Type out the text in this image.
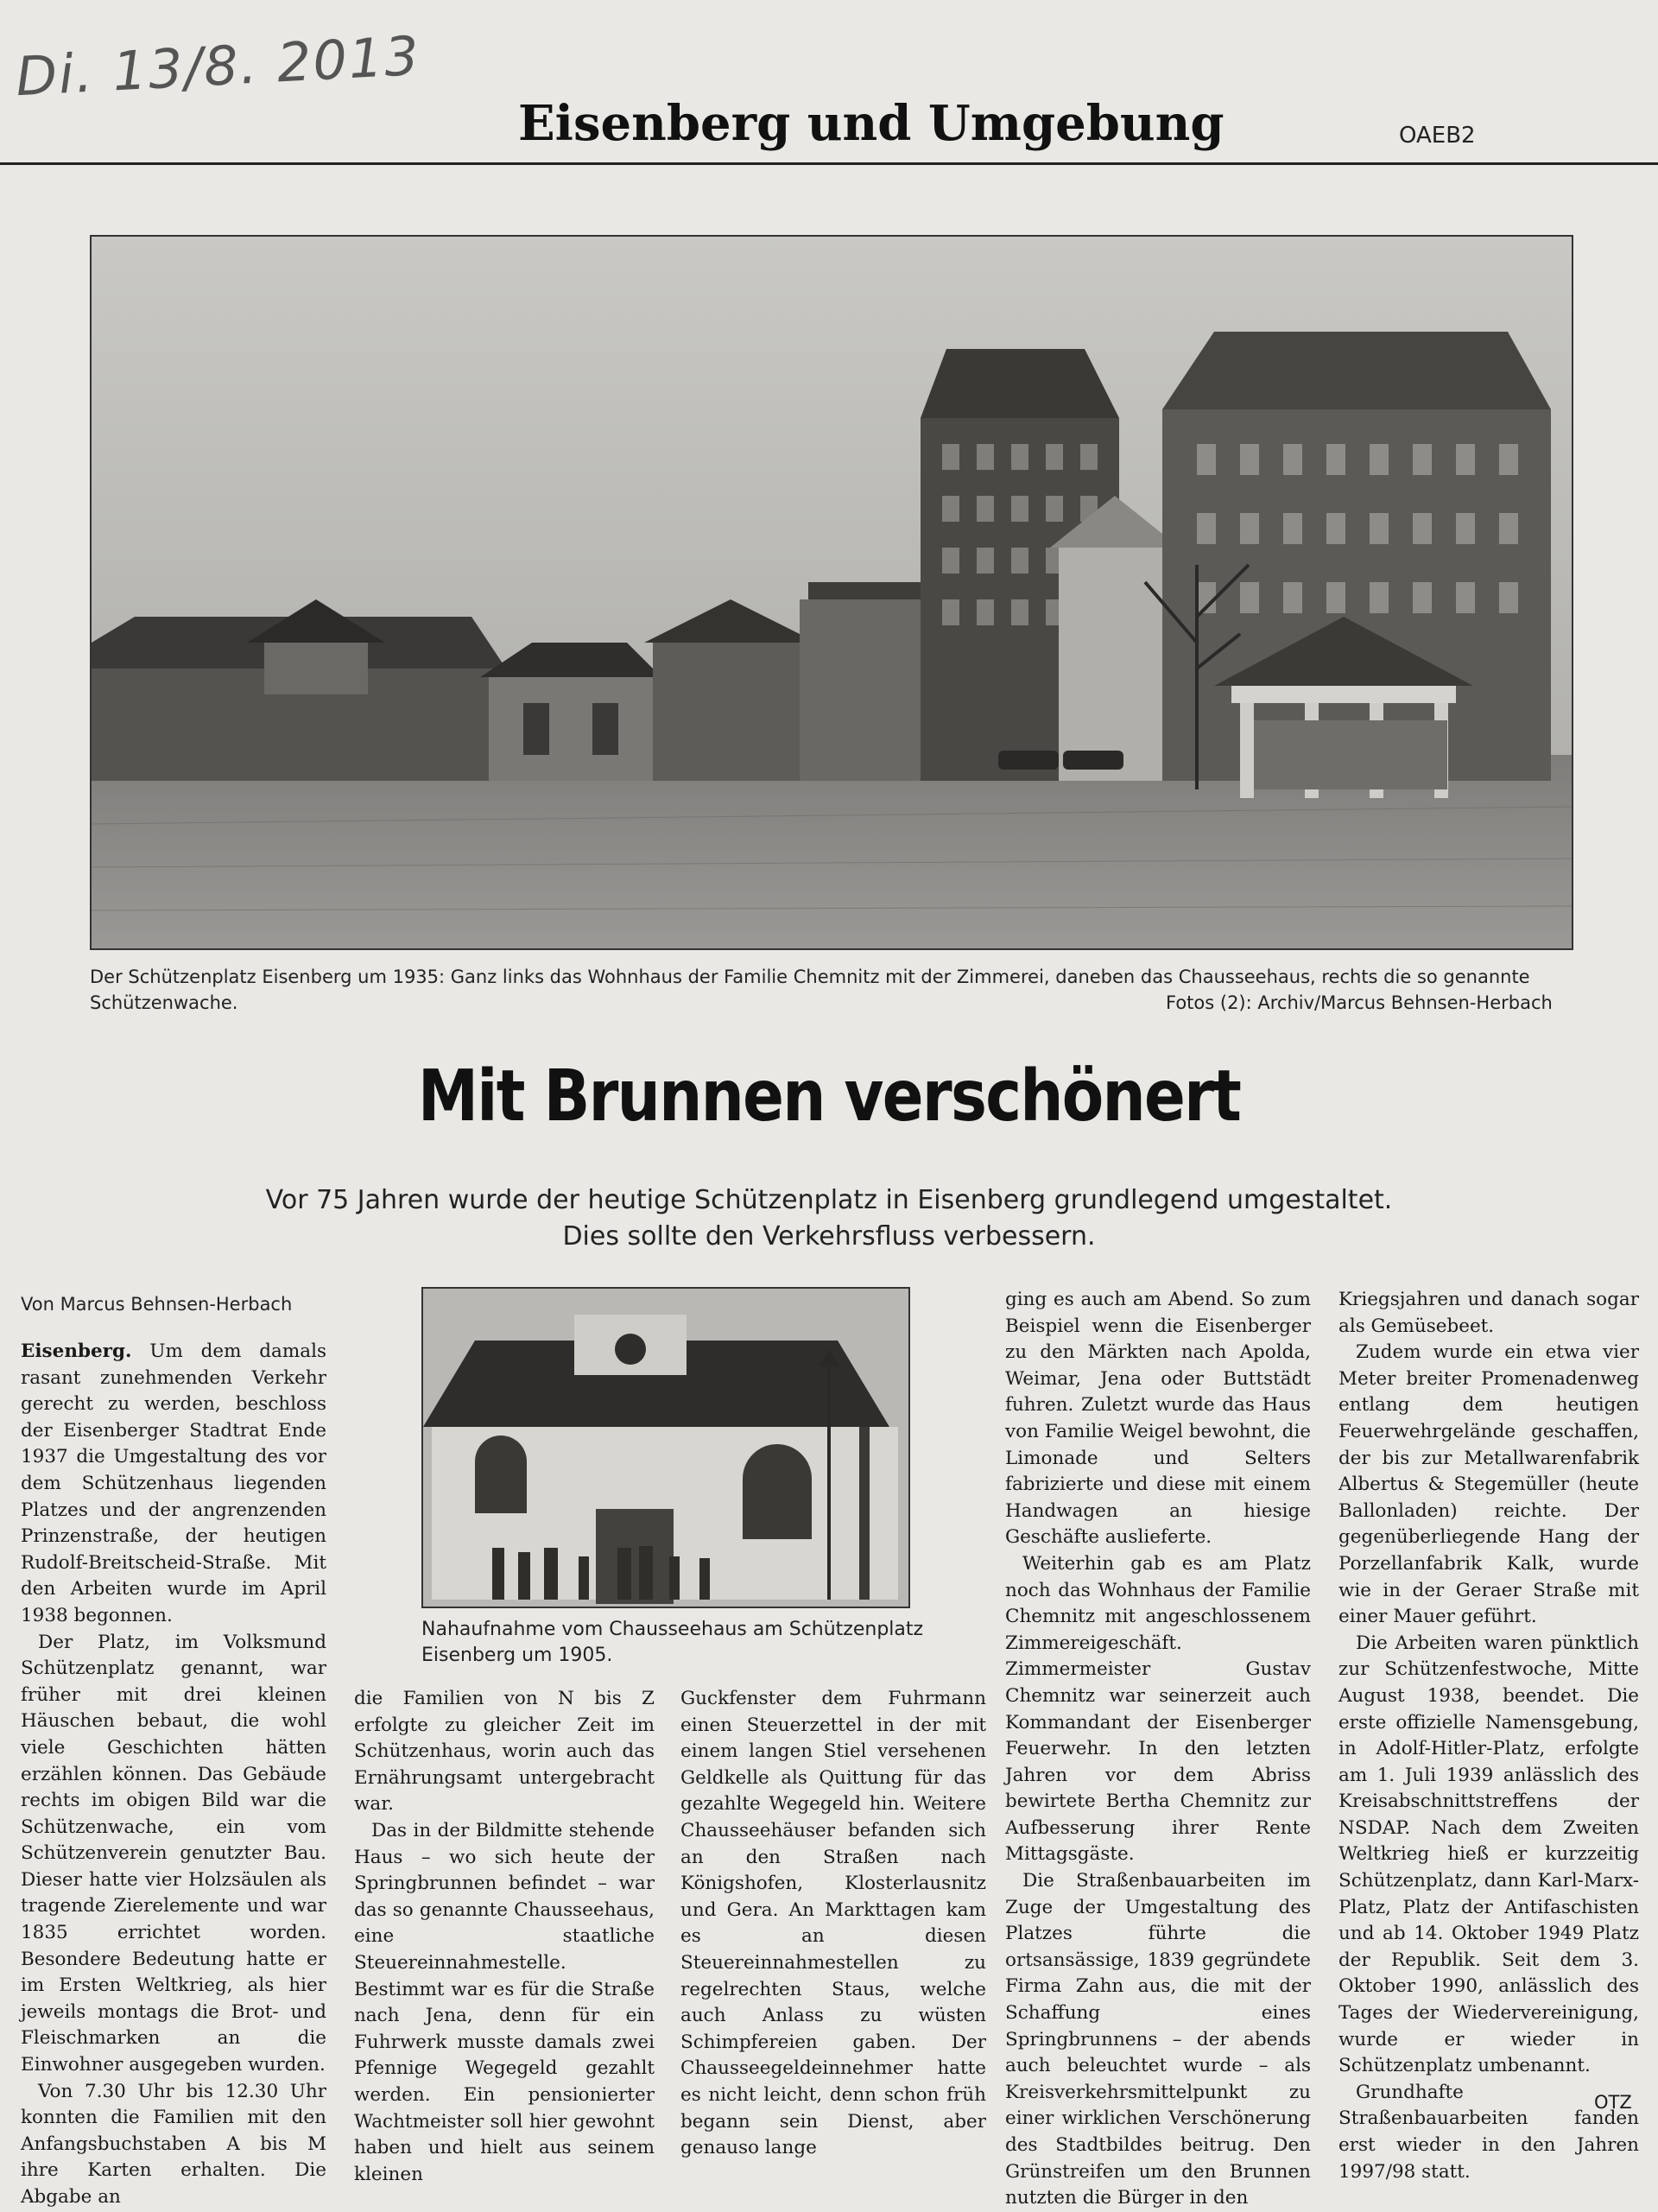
Di. 13/8. 2013
Eisenberg und Umgebung	OAEB2
Der Schützenplatz Eisenberg um 1935: Ganz links das Wohnhaus der Familie Chemnitz mit der Zimmerei, daneben das Chausseehaus, rechts die so genannte
Schützenwache.	Fotos (2): Archiv/Marcus Behnsen-Herbach
Mit Brunnen verschönert
Vor 75 Jahren wurde der heutige Schützenplatz in Eisenberg grundlegend umgestaltet.
Dies sollte den Verkehrsfluss verbessern.
Von Marcus Behnsen-Herbach
Nahaufnahme vom Chausseehaus am Schützenplatz
Eisenberg um 1905.

Eisenberg. Um dem damals rasant zunehmenden Verkehr gerecht zu werden, beschloss der Eisenberger Stadtrat Ende 1937 die Umgestaltung des vor dem Schützenhaus liegenden Platzes und der angrenzenden Prinzenstraße, der heutigen Rudolf-Breitscheid-Straße. Mit den Arbeiten wurde im April 1938 begonnen.

Der Platz, im Volksmund Schützenplatz genannt, war früher mit drei kleinen Häuschen bebaut, die wohl viele Geschichten hätten erzählen können. Das Gebäude rechts im obigen Bild war die Schützenwache, ein vom Schützenverein genutzter Bau. Dieser hatte vier Holzsäulen als tragende Zierelemente und war 1835 errichtet worden. Besondere Bedeutung hatte er im Ersten Weltkrieg, als hier jeweils montags die Brot- und Fleischmarken an die Einwohner ausgegeben wurden.

Von 7.30 Uhr bis 12.30 Uhr konnten die Familien mit den Anfangsbuchstaben A bis M ihre Karten erhalten. Die Abgabe an

die Familien von N bis Z erfolgte zu gleicher Zeit im Schützenhaus, worin auch das Ernährungsamt untergebracht war.

Das in der Bildmitte stehende Haus – wo sich heute der Springbrunnen befindet – war das so genannte Chausseehaus, eine staatliche Steuereinnahmestelle. Bestimmt war es für die Straße nach Jena, denn für ein Fuhrwerk musste damals zwei Pfennige Wegegeld gezahlt werden. Ein pensionierter Wachtmeister soll hier gewohnt haben und hielt aus seinem kleinen

Guckfenster dem Fuhrmann einen Steuerzettel in der mit einem langen Stiel versehenen Geldkelle als Quittung für das gezahlte Wegegeld hin. Weitere Chausseehäuser befanden sich an den Straßen nach Königshofen, Klosterlausnitz und Gera. An Markttagen kam es an diesen Steuereinnahmestellen zu regelrechten Staus, welche auch Anlass zu wüsten Schimpfereien gaben. Der Chausseegeldeinnehmer hatte es nicht leicht, denn schon früh begann sein Dienst, aber genauso lange

ging es auch am Abend. So zum Beispiel wenn die Eisenberger zu den Märkten nach Apolda, Weimar, Jena oder Buttstädt fuhren. Zuletzt wurde das Haus von Familie Weigel bewohnt, die Limonade und Selters fabrizierte und diese mit einem Handwagen an hiesige Geschäfte auslieferte.

Weiterhin gab es am Platz noch das Wohnhaus der Familie Chemnitz mit angeschlossenem Zimmereigeschäft. Zimmermeister Gustav Chemnitz war seinerzeit auch Kommandant der Eisenberger Feuerwehr. In den letzten Jahren vor dem Abriss bewirtete Bertha Chemnitz zur Aufbesserung ihrer Rente Mittagsgäste.

Die Straßenbauarbeiten im Zuge der Umgestaltung des Platzes führte die ortsansässige, 1839 gegründete Firma Zahn aus, die mit der Schaffung eines Springbrunnens – der abends auch beleuchtet wurde – als Kreisverkehrsmittelpunkt zu einer wirklichen Verschönerung des Stadtbildes beitrug. Den Grünstreifen um den Brunnen nutzten die Bürger in den

Kriegsjahren und danach sogar als Gemüsebeet.

Zudem wurde ein etwa vier Meter breiter Promenadenweg entlang dem heutigen Feuerwehrgelände geschaffen, der bis zur Metallwarenfabrik Albertus & Stegemüller (heute Ballonladen) reichte. Der gegenüberliegende Hang der Porzellanfabrik Kalk, wurde wie in der Geraer Straße mit einer Mauer geführt.

Die Arbeiten waren pünktlich zur Schützenfestwoche, Mitte August 1938, beendet. Die erste offizielle Namensgebung, in Adolf-Hitler-Platz, erfolgte am 1. Juli 1939 anlässlich des Kreisabschnittstreffens der NSDAP. Nach dem Zweiten Weltkrieg hieß er kurzzeitig Schützenplatz, dann Karl-Marx-Platz, Platz der Antifaschisten und ab 14. Oktober 1949 Platz der Republik. Seit dem 3. Oktober 1990, anlässlich des Tages der Wiedervereinigung, wurde er wieder in Schützenplatz umbenannt.

Grundhafte Straßenbauarbeiten fanden erst wieder in den Jahren 1997/98 statt.

OTZ
